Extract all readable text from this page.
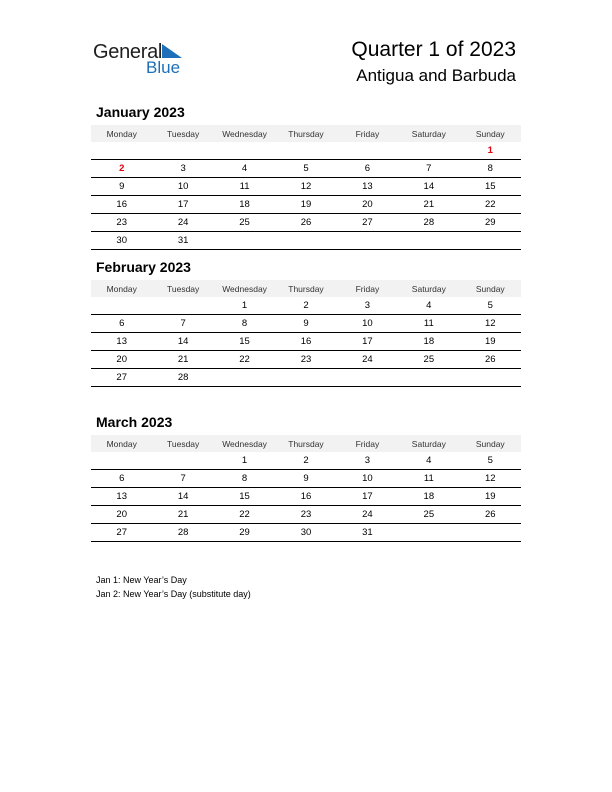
General
Blue
Quarter 1 of 2023
Antigua and Barbuda
January 2023
Monday	Tuesday	Wednesday	Thursday	Friday	Saturday	Sunday
						1
2	3	4	5	6	7	8
9	10	11	12	13	14	15
16	17	18	19	20	21	22
23	24	25	26	27	28	29
30	31					
February 2023
Monday	Tuesday	Wednesday	Thursday	Friday	Saturday	Sunday
		1	2	3	4	5
6	7	8	9	10	11	12
13	14	15	16	17	18	19
20	21	22	23	24	25	26
27	28					
March 2023
Monday	Tuesday	Wednesday	Thursday	Friday	Saturday	Sunday
		1	2	3	4	5
6	7	8	9	10	11	12
13	14	15	16	17	18	19
20	21	22	23	24	25	26
27	28	29	30	31		
Jan 1: New Year’s Day
Jan 2: New Year’s Day (substitute day)
